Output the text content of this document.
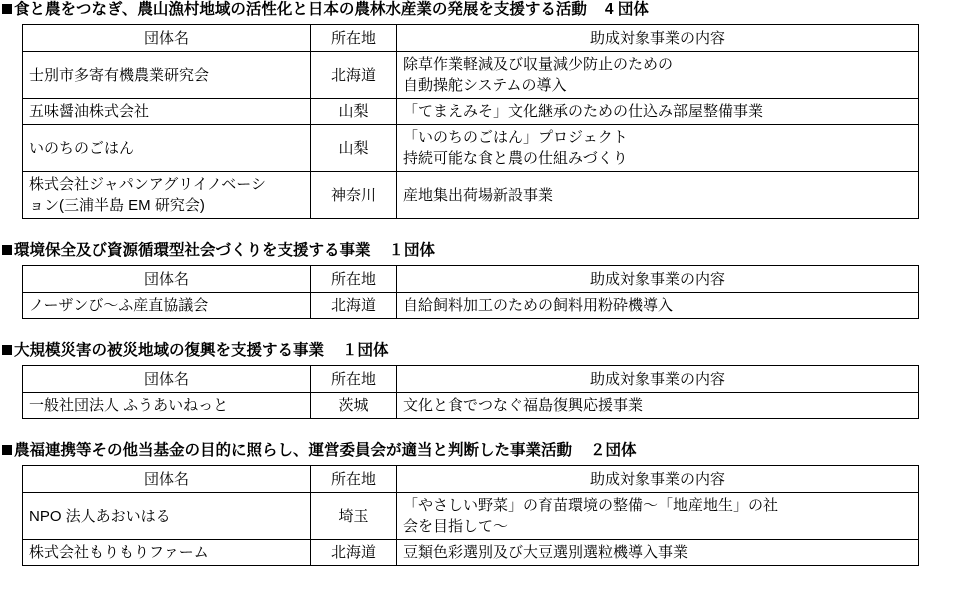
食と農をつなぎ、農山漁村地域の活性化と日本の農林水産業の発展を支援する活動 4 団体
団体名	所在地	助成対象事業の内容

士別市多寄有機農業研究会	北海道	除草作業軽減及び収量減少防止のための
自動操舵システムの導入

五味醤油株式会社	山梨	「てまえみそ」文化継承のための仕込み部屋整備事業

いのちのごはん	山梨	「いのちのごはん」プロジェクト
持続可能な食と農の仕組みづくり

株式会社ジャパンアグリイノベーシ
ョン(三浦半島 EM 研究会)	神奈川	産地集出荷場新設事業
環境保全及び資源循環型社会づくりを支援する事業 １団体
団体名	所在地	助成対象事業の内容

ノーザンび～ふ産直協議会	北海道	自給飼料加工のための飼料用粉砕機導入
大規模災害の被災地域の復興を支援する事業 １団体
団体名	所在地	助成対象事業の内容

一般社団法人 ふうあいねっと	茨城	文化と食でつなぐ福島復興応援事業
農福連携等その他当基金の目的に照らし、運営委員会が適当と判断した事業活動 ２団体
団体名	所在地	助成対象事業の内容

NPO 法人あおいはる	埼玉	「やさしい野菜」の育苗環境の整備～「地産地生」の社
会を目指して～

株式会社もりもりファーム	北海道	豆類色彩選別及び大豆選別選粒機導入事業
